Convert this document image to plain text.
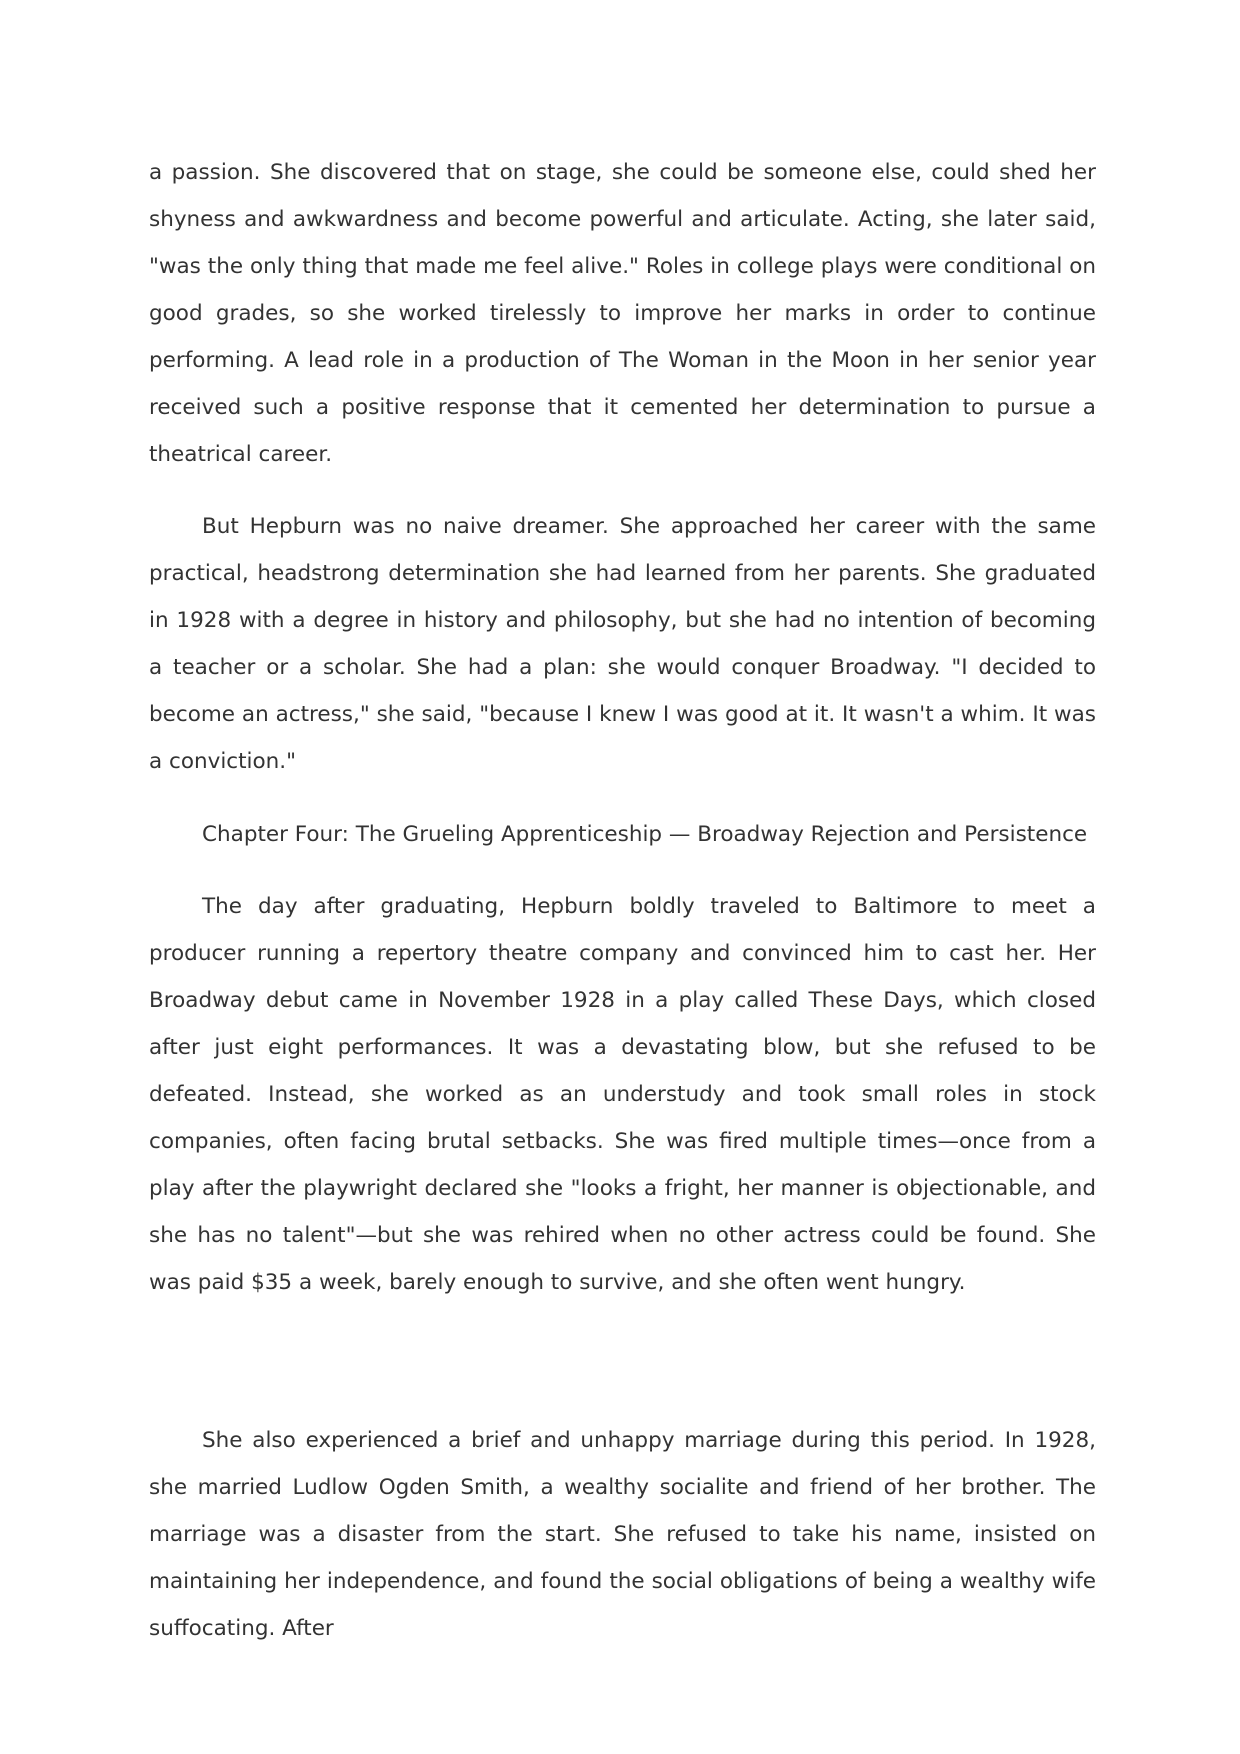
a passion. She discovered that on stage, she could be someone else, could shed her shyness and awkwardness and become powerful and articulate. Acting, she later said, "was the only thing that made me feel alive." Roles in college plays were conditional on good grades, so she worked tirelessly to improve her marks in order to continue performing. A lead role in a production of The Woman in the Moon in her senior year received such a positive response that it cemented her determination to pursue a theatrical career.

But Hepburn was no naive dreamer. She approached her career with the same practical, headstrong determination she had learned from her parents. She graduated in 1928 with a degree in history and philosophy, but she had no intention of becoming a teacher or a scholar. She had a plan: she would conquer Broadway. "I decided to become an actress," she said, "because I knew I was good at it. It wasn't a whim. It was a conviction."

Chapter Four: The Grueling Apprenticeship — Broadway Rejection and Persistence

The day after graduating, Hepburn boldly traveled to Baltimore to meet a producer running a repertory theatre company and convinced him to cast her. Her Broadway debut came in November 1928 in a play called These Days, which closed after just eight performances. It was a devastating blow, but she refused to be defeated. Instead, she worked as an understudy and took small roles in stock companies, often facing brutal setbacks. She was fired multiple times—once from a play after the playwright declared she "looks a fright, her manner is objectionable, and she has no talent"—but she was rehired when no other actress could be found. She was paid $35 a week, barely enough to survive, and she often went hungry.

She also experienced a brief and unhappy marriage during this period. In 1928, she married Ludlow Ogden Smith, a wealthy socialite and friend of her brother. The marriage was a disaster from the start. She refused to take his name, insisted on maintaining her independence, and found the social obligations of being a wealthy wife suffocating. After
